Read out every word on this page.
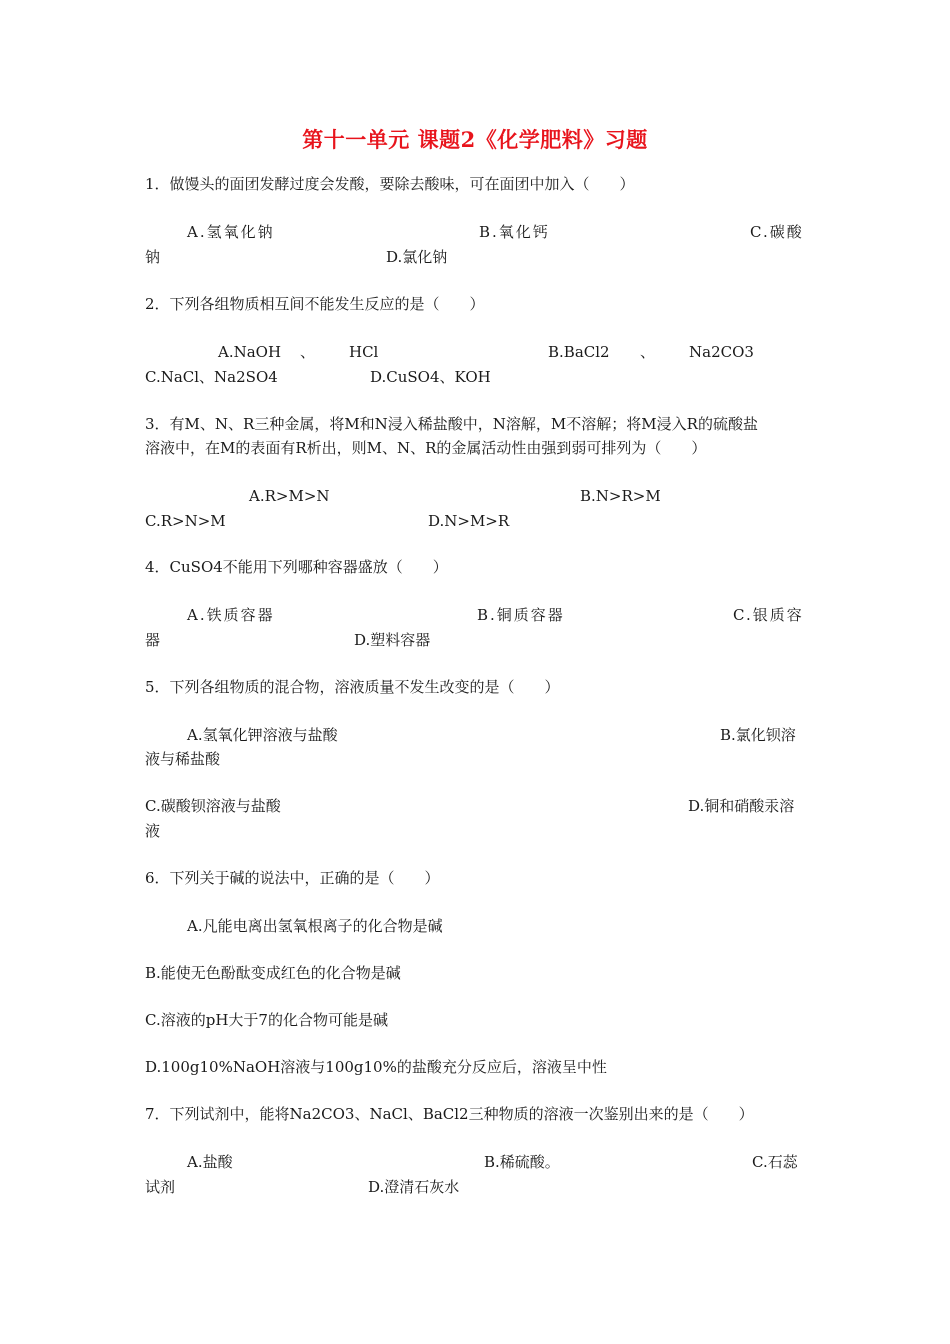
第十一单元 课题2《化学肥料》习题
1．做馒头的面团发酵过度会发酸，要除去酸味，可在面团中加入（　　）
A.氢氧化钠	B.氧化钙	C.碳酸
钠	D.氯化钠
2．下列各组物质相互间不能发生反应的是（　　）
A.NaOH 、 HCl	B.BaCl2 、 Na2CO3
C.NaCl、Na2SO4	D.CuSO4、KOH
3．有M、N、R三种金属，将M和N浸入稀盐酸中，N溶解，M不溶解；将M浸入R的硫酸盐
溶液中，在M的表面有R析出，则M、N、R的金属活动性由强到弱可排列为（　　）
A.R>M>N	B.N>R>M
C.R>N>M	D.N>M>R
4．CuSO4不能用下列哪种容器盛放（　　）
A.铁质容器	B.铜质容器	C.银质容
器	D.塑料容器
5．下列各组物质的混合物，溶液质量不发生改变的是（　　）
A.氢氧化钾溶液与盐酸	B.氯化钡溶
液与稀盐酸
C.碳酸钡溶液与盐酸	D.铜和硝酸汞溶
液
6．下列关于碱的说法中，正确的是（　　）
A.凡能电离出氢氧根离子的化合物是碱
B.能使无色酚酞变成红色的化合物是碱
C.溶液的pH大于7的化合物可能是碱
D.100g10%NaOH溶液与100g10%的盐酸充分反应后，溶液呈中性
7．下列试剂中，能将Na2CO3、NaCl、BaCl2三种物质的溶液一次鉴别出来的是（　　）
A.盐酸	B.稀硫酸。	C.石蕊
试剂	D.澄清石灰水
